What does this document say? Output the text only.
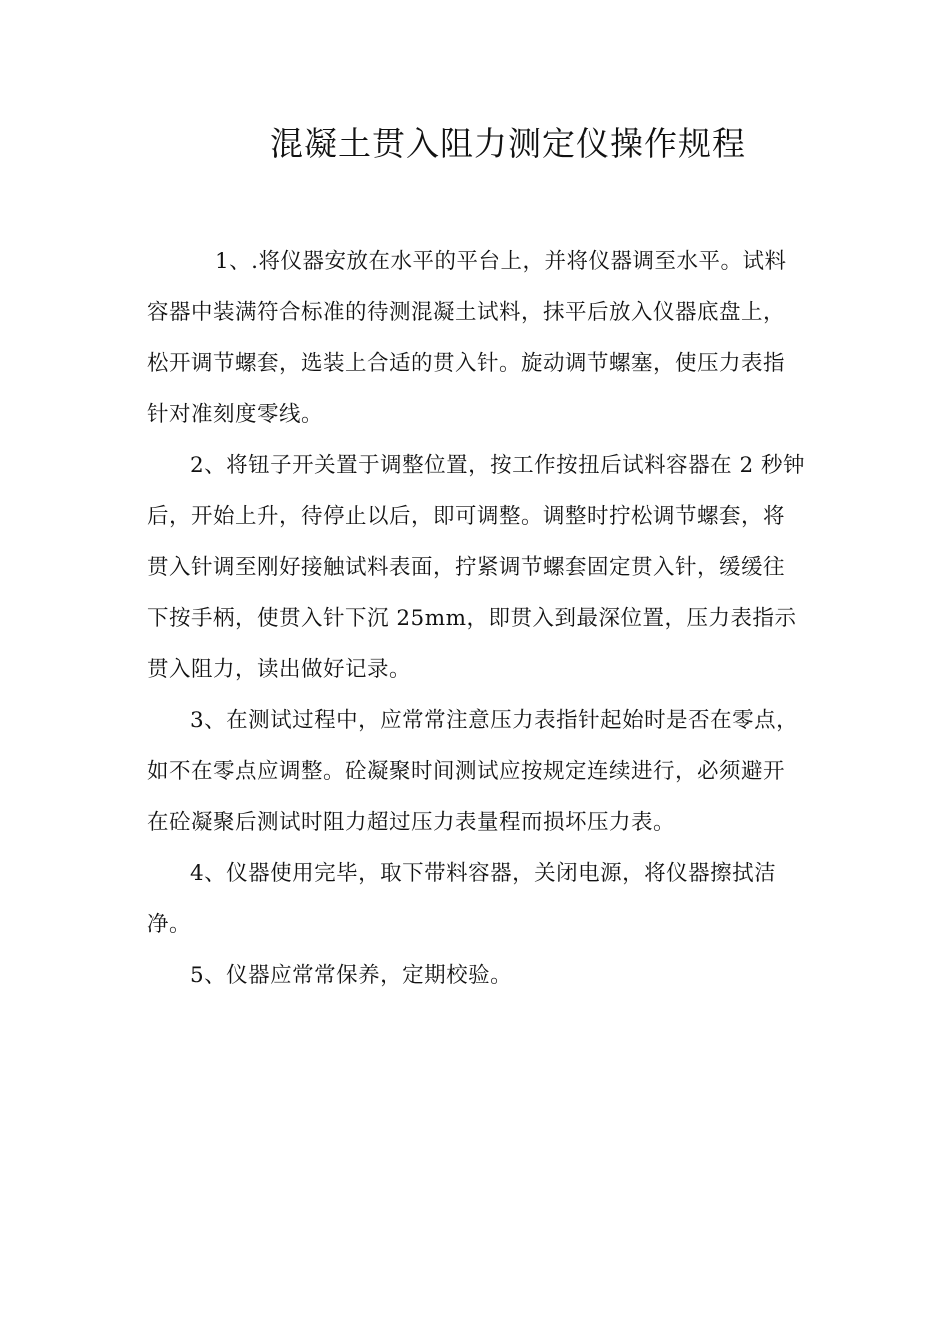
混凝土贯入阻力测定仪操作规程

1、.将仪器安放在水平的平台上，并将仪器调至水平。试料
容器中装满符合标准的待测混凝土试料，抹平后放入仪器底盘上，
松开调节螺套，选装上合适的贯入针。旋动调节螺塞，使压力表指
针对准刻度零线。

2、将钮子开关置于调整位置，按工作按扭后试料容器在 2 秒钟
后，开始上升，待停止以后，即可调整。调整时拧松调节螺套，将
贯入针调至刚好接触试料表面，拧紧调节螺套固定贯入针，缓缓往
下按手柄，使贯入针下沉 25mm，即贯入到最深位置，压力表指示
贯入阻力，读出做好记录。

3、在测试过程中，应常常注意压力表指针起始时是否在零点，
如不在零点应调整。砼凝聚时间测试应按规定连续进行，必须避开
在砼凝聚后测试时阻力超过压力表量程而损坏压力表。

4、仪器使用完毕，取下带料容器，关闭电源，将仪器擦拭洁
净。

5、仪器应常常保养，定期校验。
